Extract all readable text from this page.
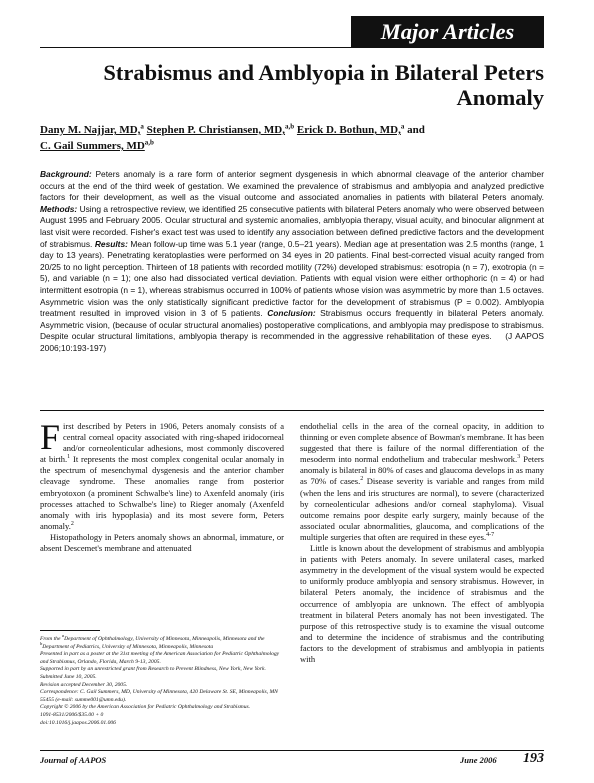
Major Articles
Strabismus and Amblyopia in Bilateral Peters Anomaly
Dany M. Najjar, MD,$^a$ Stephen P. Christiansen, MD,$^{a,b}$ Erick D. Bothun, MD,$^a$ and
C. Gail Summers, MD$^{a,b}$

Background: Peters anomaly is a rare form of anterior segment dysgenesis in which abnormal cleavage of the anterior chamber occurs at the end of the third week of gestation. We examined the prevalence of strabismus and amblyopia and analyzed predictive factors for their development, as well as the visual outcome and associated anomalies in patients with bilateral Peters anomaly. Methods: Using a retrospective review, we identified 25 consecutive patients with bilateral Peters anomaly who were observed between August 1995 and February 2005. Ocular structural and systemic anomalies, amblyopia therapy, visual acuity, and binocular alignment at last visit were recorded. Fisher's exact test was used to identify any association between defined predictive factors and the development of strabismus. Results: Mean follow-up time was 5.1 year (range, 0.5–21 years). Median age at presentation was 2.5 months (range, 1 day to 13 years). Penetrating keratoplasties were performed on 34 eyes in 20 patients. Final best-corrected visual acuity ranged from 20/25 to no light perception. Thirteen of 18 patients with recorded motility (72%) developed strabismus: esotropia (n = 7), exotropia (n = 5), and variable (n = 1); one also had dissociated vertical deviation. Patients with equal vision were either orthophoric (n = 4) or had intermittent esotropia (n = 1), whereas strabismus occurred in 100% of patients whose vision was asymmetric by more than 1.5 octaves. Asymmetric vision was the only statistically significant predictive factor for the development of strabismus (P = 0.002). Amblyopia treatment resulted in improved vision in 3 of 5 patients. Conclusion: Strabismus occurs frequently in bilateral Peters anomaly. Asymmetric vision, (because of ocular structural anomalies) postoperative complications, and amblyopia may predispose to strabismus. Despite ocular structural limitations, amblyopia therapy is recommended in the aggressive rehabilitation of these eyes. (J AAPOS 2006;10:193-197)

First described by Peters in 1906, Peters anomaly consists of a central corneal opacity associated with ring-shaped iridocorneal and/or corneolenticular adhesions, most commonly discovered at birth.$^1$ It represents the most complex congenital ocular anomaly in the spectrum of mesenchymal dysgenesis and the anterior chamber cleavage syndrome. These anomalies range from posterior embryotoxon (a prominent Schwalbe's line) to Axenfeld anomaly (iris processes attached to Schwalbe's line) to Rieger anomaly (Axenfeld anomaly with iris hypoplasia) and its most severe form, Peters anomaly.$^2$

Histopathology in Peters anomaly shows an abnormal, immature, or absent Descemet's membrane and attenuated

endothelial cells in the area of the corneal opacity, in addition to thinning or even complete absence of Bowman's membrane. It has been suggested that there is failure of the normal differentiation of the mesoderm into normal endothelium and trabecular meshwork.$^3$ Peters anomaly is bilateral in 80% of cases and glaucoma develops in as many as 70% of cases.$^2$ Disease severity is variable and ranges from mild (when the lens and iris structures are normal), to severe (characterized by corneolenticular adhesions and/or corneal staphyloma). Visual outcome remains poor despite early surgery, mainly because of the associated ocular abnormalities, glaucoma, and complications of the multiple surgeries that often are required in these eyes.$^{4-7}$

Little is known about the development of strabismus and amblyopia in patients with Peters anomaly. In severe unilateral cases, marked asymmetry in the development of the visual system would be expected to uniformly produce amblyopia and sensory strabismus. However, in bilateral Peters anomaly, the incidence of strabismus and the occurrence of amblyopia are unknown. The effect of amblyopia treatment in bilateral Peters anomaly has not been investigated. The purpose of this retrospective study is to examine the visual outcome and to determine the incidence of strabismus and the contributing factors to the development of strabismus and amblyopia in patients with

From the $^a$Department of Ophthalmology, University of Minnesota, Minneapolis, Minnesota and the $^b$Department of Pediatrics, University of Minnesota, Minneapolis, Minnesota
Presented in part as a poster at the 31st meeting of the American Association for Pediatric Ophthalmology and Strabismus, Orlando, Florida, March 9-13, 2005.
Supported in part by an unrestricted grant from Research to Prevent Blindness, New York, New York.
Submitted June 10, 2005.
Revision accepted December 30, 2005.
Correspondence: C. Gail Summers, MD, University of Minnesota, 420 Delaware St. SE, Minneapolis, MN 55455 (e-mail: summe001@umn.edu).
Copyright © 2006 by the American Association for Pediatric Ophthalmology and Strabismus.
1091-8531/2006/$35.00 + 0
doi:10.1016/j.jaapos.2006.01.006
Journal of AAPOS	June 2006	193
